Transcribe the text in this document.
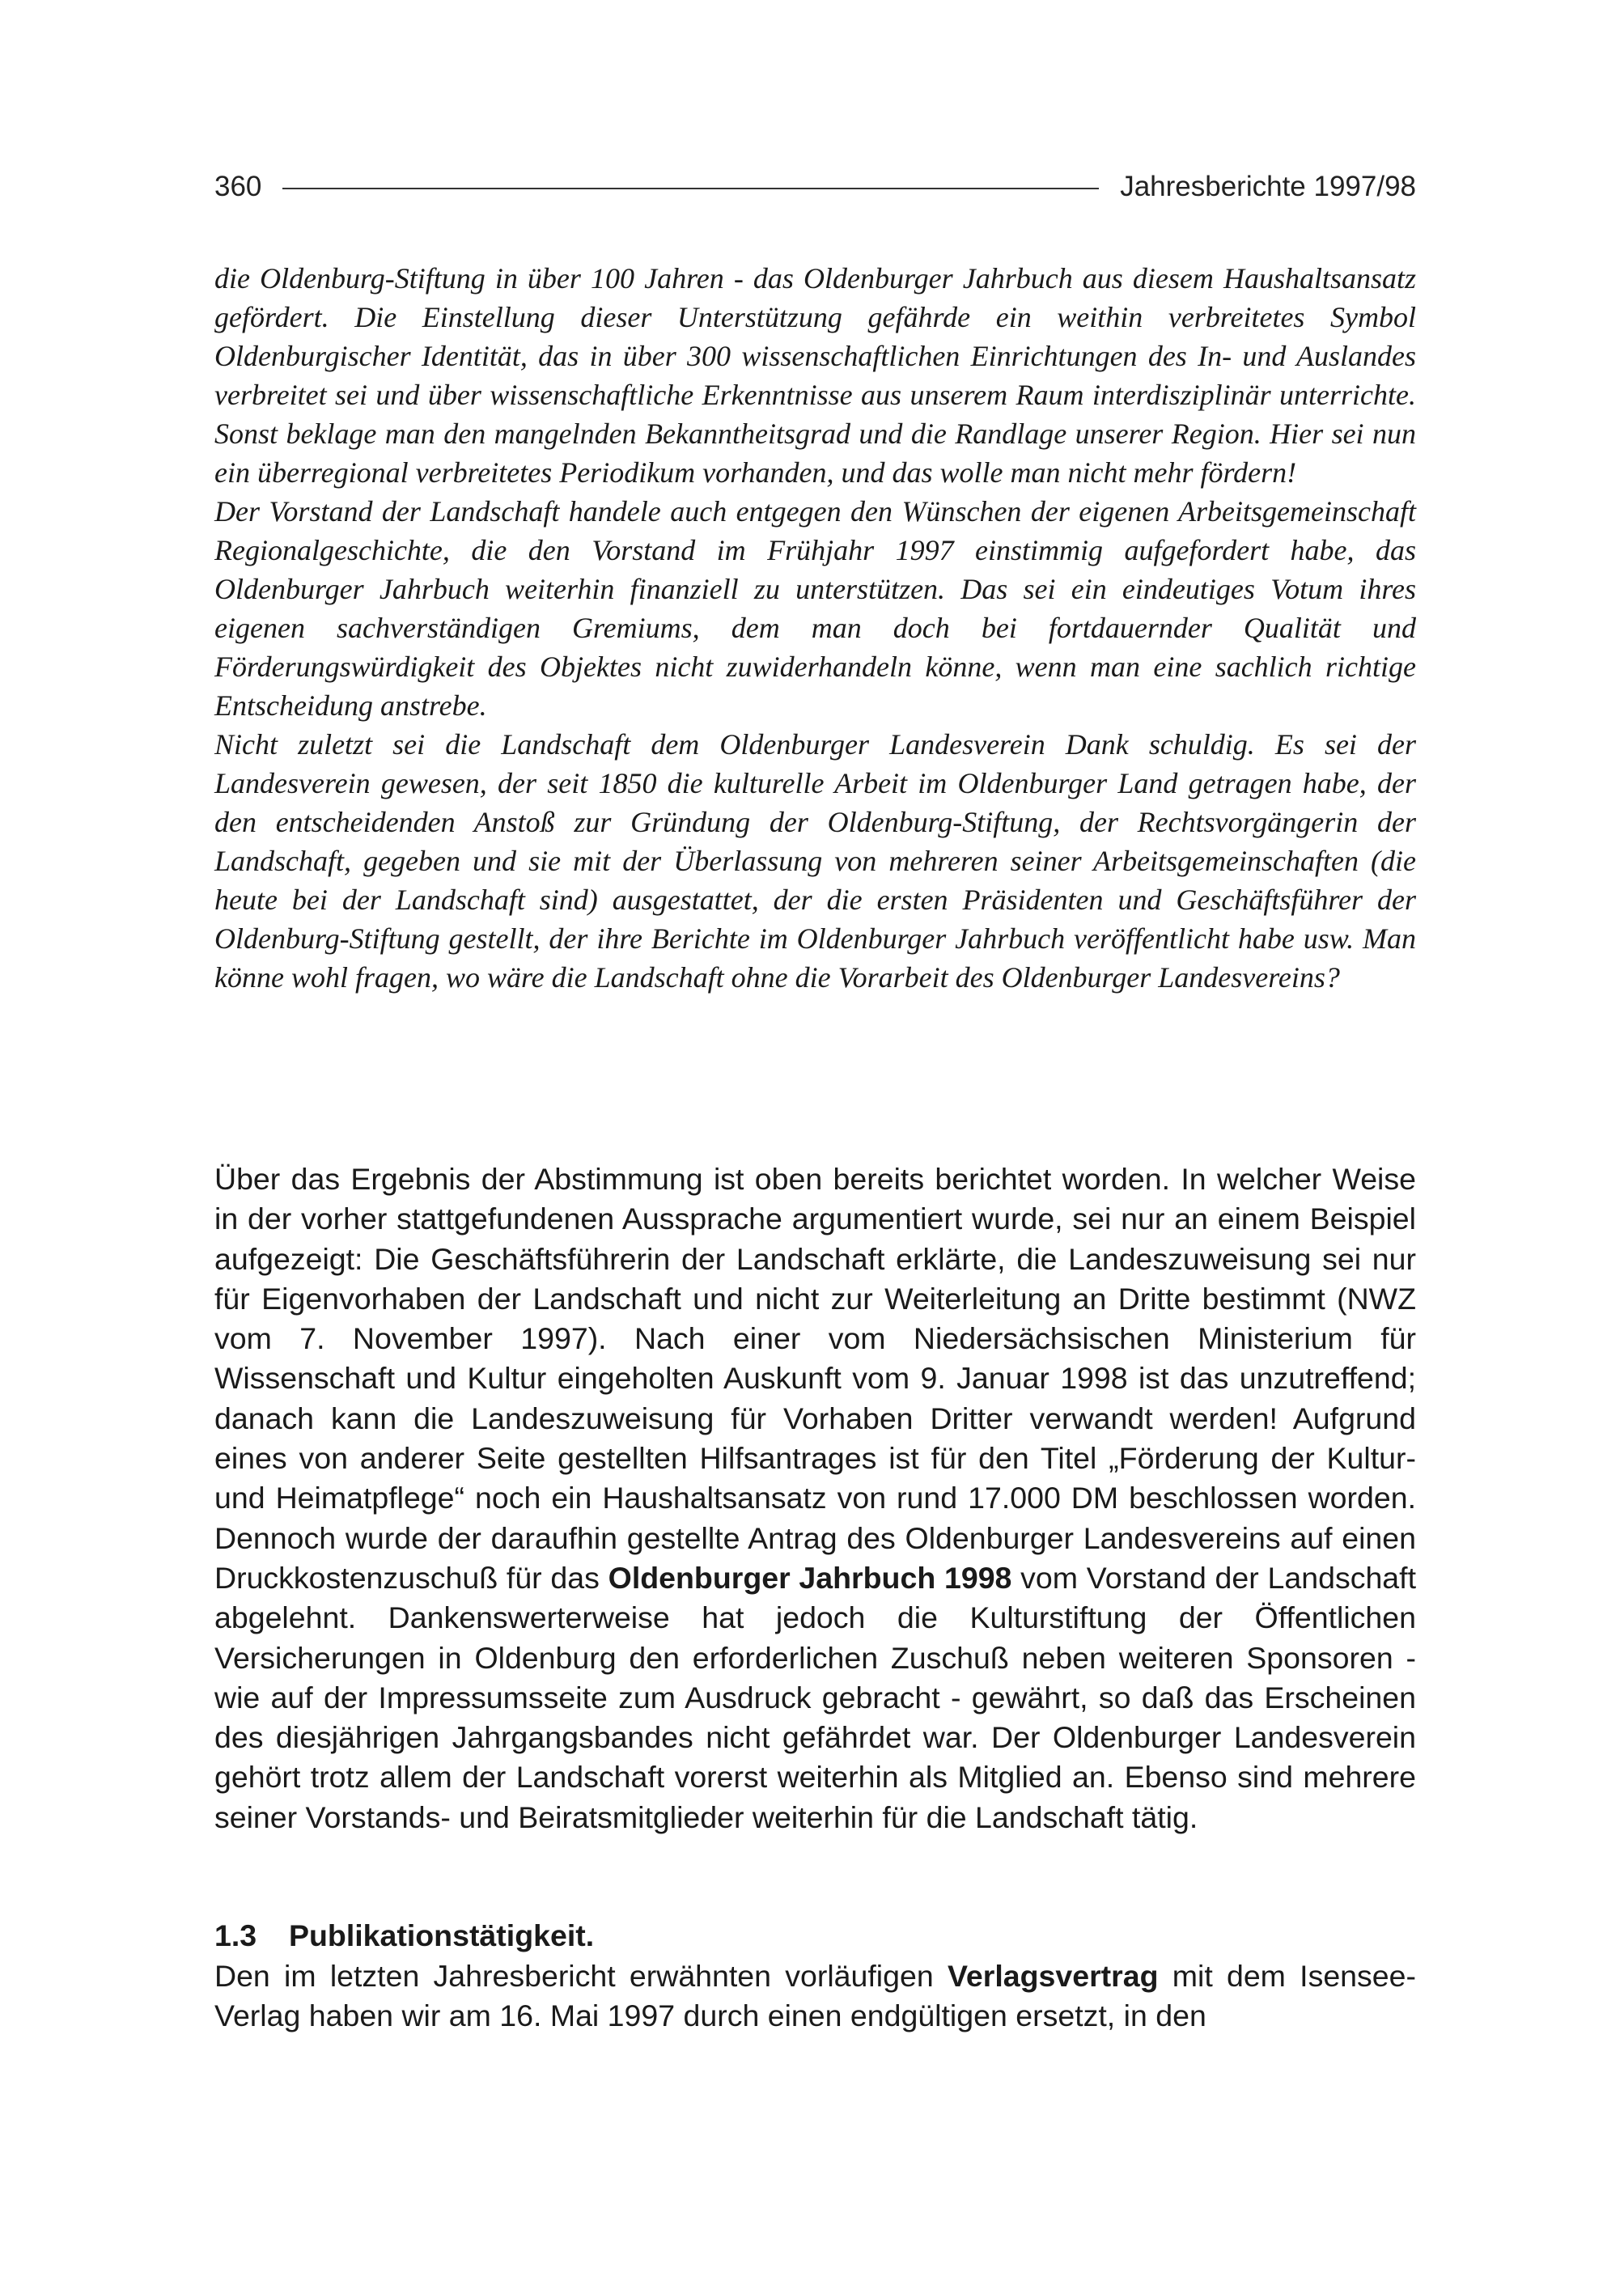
360	Jahresberichte 1997/98

die Oldenburg-Stiftung in über 100 Jahren - das Oldenburger Jahrbuch aus diesem Haushaltsansatz gefördert. Die Einstellung dieser Unterstützung gefährde ein weithin verbreitetes Symbol Oldenburgischer Identität, das in über 300 wissenschaftlichen Einrichtungen des In- und Auslandes verbreitet sei und über wissenschaftliche Erkenntnisse aus unserem Raum interdisziplinär unterrichte. Sonst beklage man den mangelnden Bekanntheitsgrad und die Randlage unserer Region. Hier sei nun ein überregional verbreitetes Periodikum vorhanden, und das wolle man nicht mehr fördern!

Der Vorstand der Landschaft handele auch entgegen den Wünschen der eigenen Arbeitsgemeinschaft Regionalgeschichte, die den Vorstand im Frühjahr 1997 einstimmig aufgefordert habe, das Oldenburger Jahrbuch weiterhin finanziell zu unterstützen. Das sei ein eindeutiges Votum ihres eigenen sachverständigen Gremiums, dem man doch bei fortdauernder Qualität und Förderungswürdigkeit des Objektes nicht zuwiderhandeln könne, wenn man eine sachlich richtige Entscheidung anstrebe.

Nicht zuletzt sei die Landschaft dem Oldenburger Landesverein Dank schuldig. Es sei der Landesverein gewesen, der seit 1850 die kulturelle Arbeit im Oldenburger Land getragen habe, der den entscheidenden Anstoß zur Gründung der Oldenburg-Stiftung, der Rechtsvorgängerin der Landschaft, gegeben und sie mit der Überlassung von mehreren seiner Arbeitsgemeinschaften (die heute bei der Landschaft sind) ausgestattet, der die ersten Präsidenten und Geschäftsführer der Oldenburg-Stiftung gestellt, der ihre Berichte im Oldenburger Jahrbuch veröffentlicht habe usw. Man könne wohl fragen, wo wäre die Landschaft ohne die Vorarbeit des Oldenburger Landesvereins?

Über das Ergebnis der Abstimmung ist oben bereits berichtet worden. In welcher Weise in der vorher stattgefundenen Aussprache argumentiert wurde, sei nur an einem Beispiel aufgezeigt: Die Geschäftsführerin der Landschaft erklärte, die Landeszuweisung sei nur für Eigenvorhaben der Landschaft und nicht zur Weiterleitung an Dritte bestimmt (NWZ vom 7. November 1997). Nach einer vom Niedersächsischen Ministerium für Wissenschaft und Kultur eingeholten Auskunft vom 9. Januar 1998 ist das unzutreffend; danach kann die Landeszuweisung für Vorhaben Dritter verwandt werden! Aufgrund eines von anderer Seite gestellten Hilfsantrages ist für den Titel „Förderung der Kultur- und Heimatpflege“ noch ein Haushaltsansatz von rund 17.000 DM beschlossen worden. Dennoch wurde der daraufhin gestellte Antrag des Oldenburger Landesvereins auf einen Druckkostenzuschuß für das Oldenburger Jahrbuch 1998 vom Vorstand der Landschaft abgelehnt. Dankenswerterweise hat jedoch die Kulturstiftung der Öffentlichen Versicherungen in Oldenburg den erforderlichen Zuschuß neben weiteren Sponsoren - wie auf der Impressumsseite zum Ausdruck gebracht - gewährt, so daß das Erscheinen des diesjährigen Jahrgangsbandes nicht gefährdet war. Der Oldenburger Landesverein gehört trotz allem der Landschaft vorerst weiterhin als Mitglied an. Ebenso sind mehrere seiner Vorstands- und Beiratsmitglieder weiterhin für die Landschaft tätig.

1.3 Publikationstätigkeit.

Den im letzten Jahresbericht erwähnten vorläufigen Verlagsvertrag mit dem Isensee-Verlag haben wir am 16. Mai 1997 durch einen endgültigen ersetzt, in den
